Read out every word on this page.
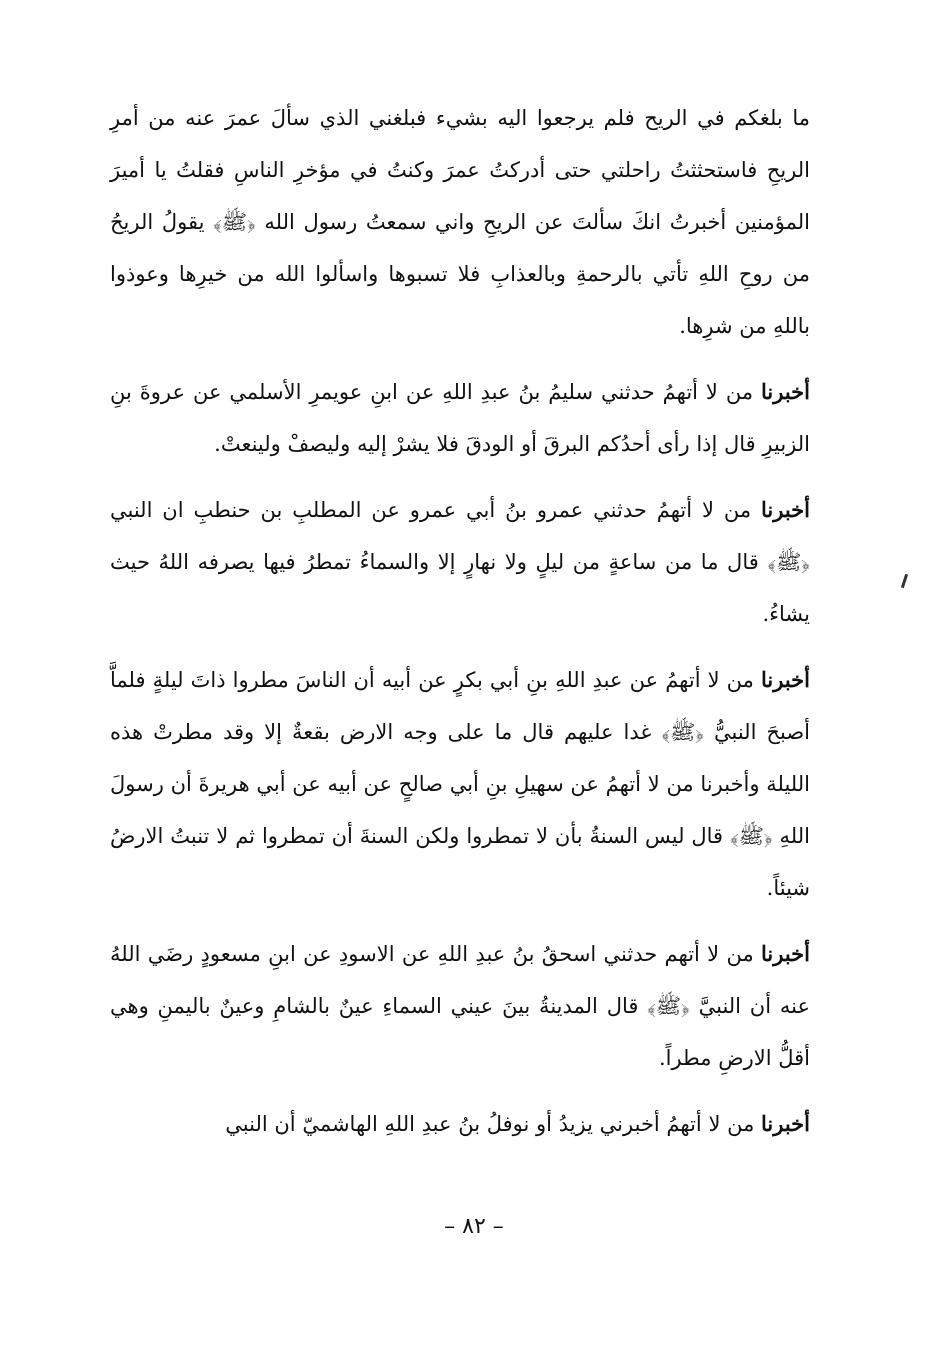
ما بلغكم في الريح فلم يرجعوا اليه بشيء فبلغني الذي سألَ عمرَ عنه من أمرِ الريحِ فاستحثثتُ راحلتي حتى أدركتُ عمرَ وكنتُ في مؤخرِ الناسِ فقلتُ يا أميرَ المؤمنين أخبرتُ انكَ سألتَ عن الريحِ واني سمعتُ رسول الله ﴿ﷺ﴾ يقولُ الريحُ من روحِ اللهِ تأتي بالرحمةِ وبالعذابِ فلا تسبوها واسألوا الله من خيرِها وعوذوا باللهِ من شرِها.

أخبرنا من لا أتهمُ حدثني سليمُ بنُ عبدِ اللهِ عن ابنِ عويمرِ الأسلمي عن عروةَ بنِ الزبيرِ قال إذا رأى أحدُكم البرقَ أو الودقَ فلا يشرْ إليه وليصفْ ولينعتْ.

أخبرنا من لا أتهمُ حدثني عمرو بنُ أبي عمرو عن المطلبِ بن حنطبِ ان النبي ﴿ﷺ﴾ قال ما من ساعةٍ من ليلٍ ولا نهارٍ إلا والسماءُ تمطرُ فيها يصرفه اللهُ حيث يشاءُ.

أخبرنا من لا أتهمُ عن عبدِ اللهِ بنِ أبي بكرٍ عن أبيه أن الناسَ مطروا ذاتَ ليلةٍ فلماَّ أصبحَ النبيُّ ﴿ﷺ﴾ غدا عليهم قال ما على وجه الارض بقعةٌ إلا وقد مطرتْ هذه الليلة وأخبرنا من لا أتهمُ عن سهيلِ بنِ أبي صالحٍ عن أبيه عن أبي هريرةَ أن رسولَ اللهِ ﴿ﷺ﴾ قال ليس السنةُ بأن لا تمطروا ولكن السنةَ أن تمطروا ثم لا تنبتُ الارضُ شيئاً.

أخبرنا من لا أتهم حدثني اسحقُ بنُ عبدِ اللهِ عن الاسودِ عن ابنِ مسعودٍ رضَي اللهُ عنه أن النبيَّ ﴿ﷺ﴾ قال المدينةُ بينَ عيني السماءِ عينٌ بالشامِ وعينٌ باليمنِ وهي أقلُّ الارضِ مطراً.

أخبرنا من لا أتهمُ أخبرني يزيدُ أو نوفلُ بنُ عبدِ اللهِ الهاشميّ أن النبي

– ٨٢ –
